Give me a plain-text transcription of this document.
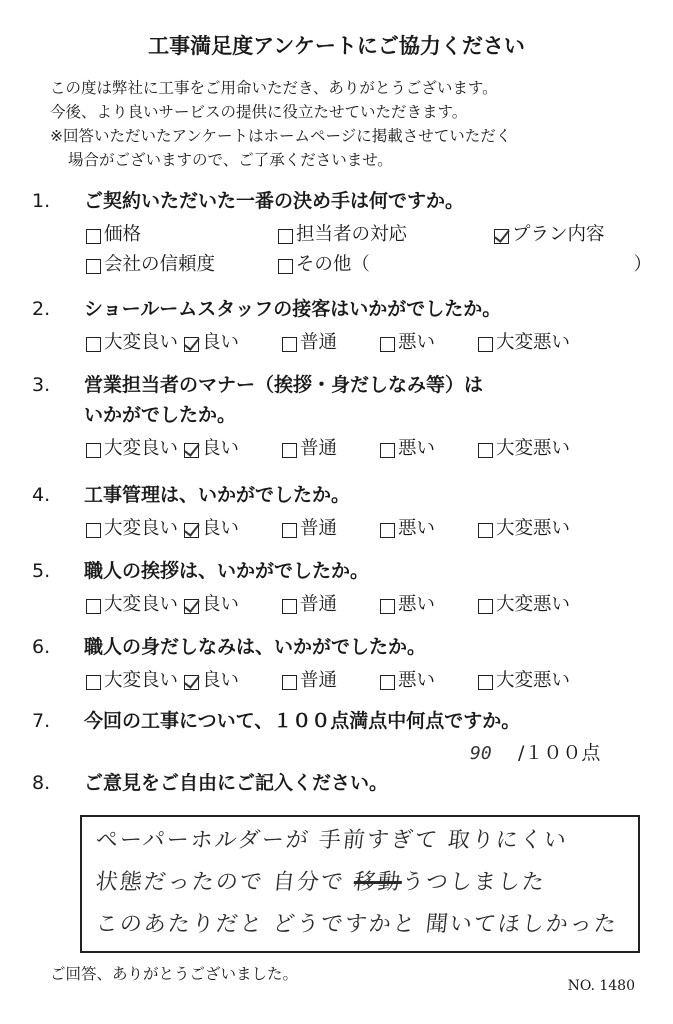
工事満足度アンケートにご協力ください
この度は弊社に工事をご用命いただき、ありがとうございます。
今後、より良いサービスの提供に役立たせていただきます。
※回答いただいたアンケートはホームページに掲載させていただく
場合がございますので、ご了承くださいませ。
1.	ご契約いただいた一番の決め手は何ですか。
価格	担当者の対応	プラン内容
会社の信頼度	その他（	）
2.	ショールームスタッフの接客はいかがでしたか。
大変良い 良い	普通	悪い	大変悪い
3.	営業担当者のマナー（挨拶・身だしなみ等）は
いかがでしたか。
大変良い 良い	普通	悪い	大変悪い
4.	工事管理は、いかがでしたか。
大変良い 良い	普通	悪い	大変悪い
5.	職人の挨拶は、いかがでしたか。
大変良い 良い	普通	悪い	大変悪い
6.	職人の身だしなみは、いかがでしたか。
大変良い 良い	普通	悪い	大変悪い
7.	今回の工事について、１００点満点中何点ですか。
90	/１００点
8.	ご意見をご自由にご記入ください。
ペーパーホルダーが 手前すぎて 取りにくい
状態だったので 自分で 移動うつしました
このあたりだと どうですかと 聞いてほしかった
ご回答、ありがとうございました。
NO. 1480
